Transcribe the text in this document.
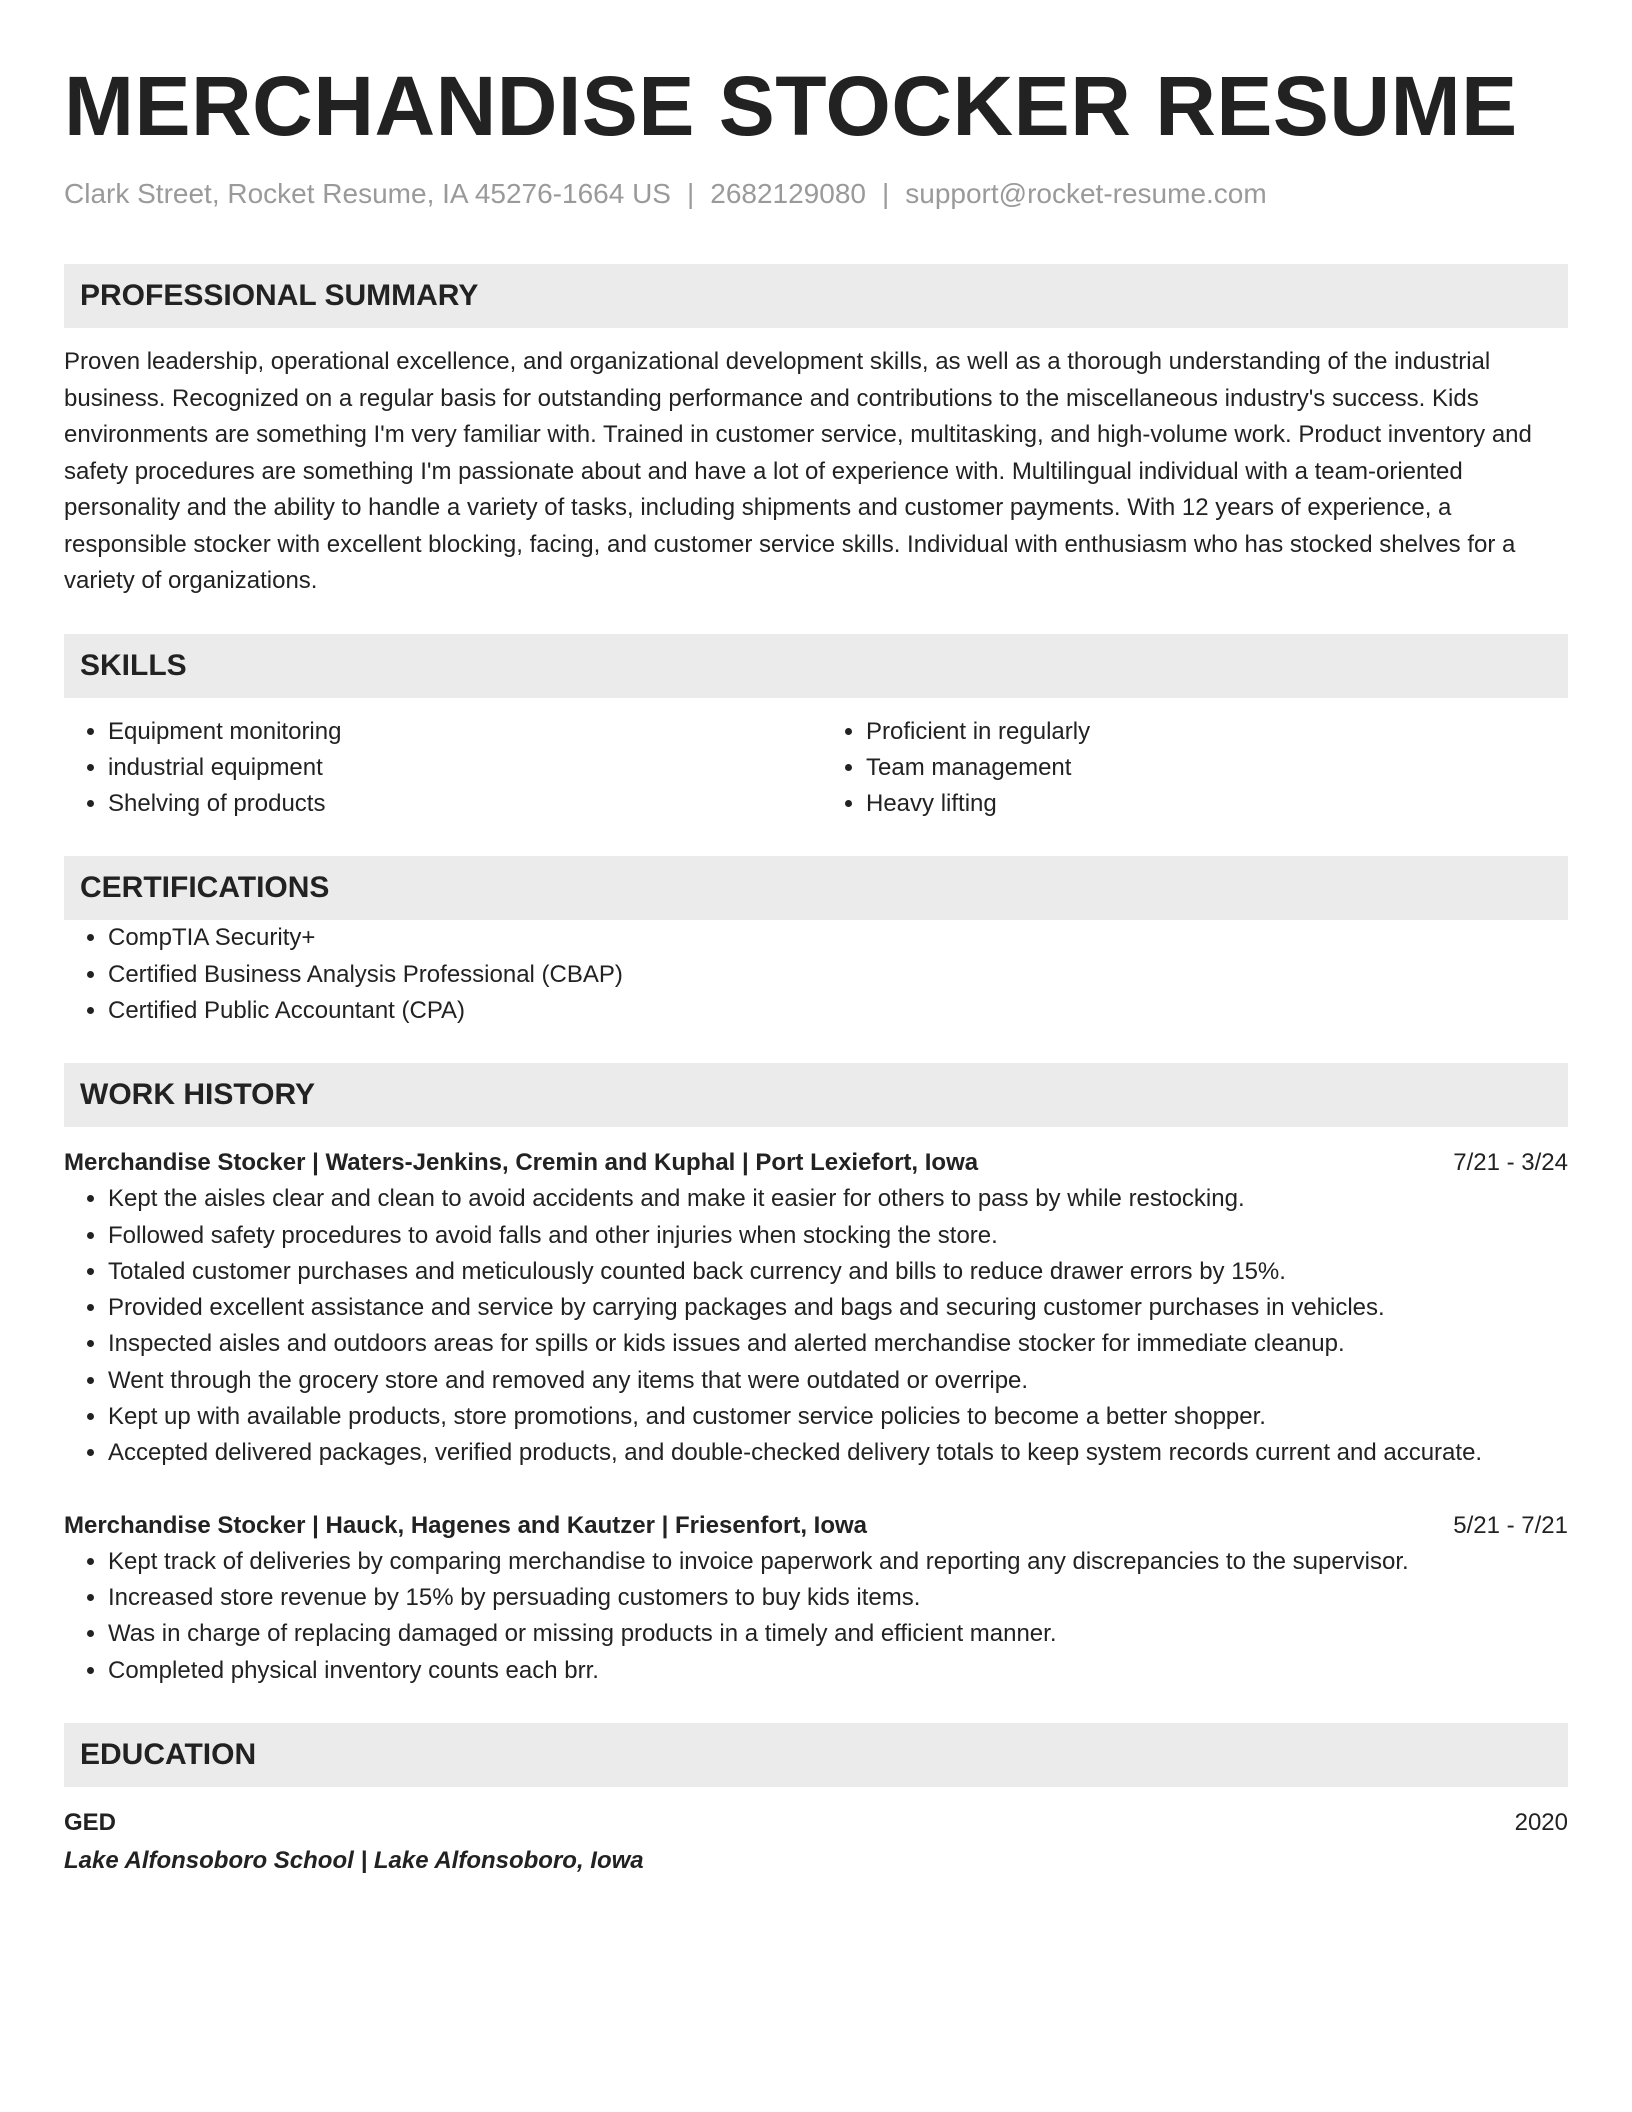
MERCHANDISE STOCKER RESUME
Clark Street, Rocket Resume, IA 45276-1664 US | 2682129080 | support@rocket-resume.com
PROFESSIONAL SUMMARY

Proven leadership, operational excellence, and organizational development skills, as well as a thorough understanding of the industrial business. Recognized on a regular basis for outstanding performance and contributions to the miscellaneous industry's success. Kids environments are something I'm very familiar with. Trained in customer service, multitasking, and high-volume work. Product inventory and safety procedures are something I'm passionate about and have a lot of experience with. Multilingual individual with a team-oriented personality and the ability to handle a variety of tasks, including shipments and customer payments. With 12 years of experience, a responsible stocker with excellent blocking, facing, and customer service skills. Individual with enthusiasm who has stocked shelves for a variety of organizations.

SKILLS
• Equipment monitoring
• industrial equipment
• Shelving of products
• Proficient in regularly
• Team management
• Heavy lifting
CERTIFICATIONS
• CompTIA Security+
• Certified Business Analysis Professional (CBAP)
• Certified Public Accountant (CPA)
WORK HISTORY
Merchandise Stocker | Waters-Jenkins, Cremin and Kuphal | Port Lexiefort, Iowa	7/21 - 3/24
• Kept the aisles clear and clean to avoid accidents and make it easier for others to pass by while restocking.
• Followed safety procedures to avoid falls and other injuries when stocking the store.
• Totaled customer purchases and meticulously counted back currency and bills to reduce drawer errors by 15%.
• Provided excellent assistance and service by carrying packages and bags and securing customer purchases in vehicles.
• Inspected aisles and outdoors areas for spills or kids issues and alerted merchandise stocker for immediate cleanup.
• Went through the grocery store and removed any items that were outdated or overripe.
• Kept up with available products, store promotions, and customer service policies to become a better shopper.
• Accepted delivered packages, verified products, and double-checked delivery totals to keep system records current and accurate.
Merchandise Stocker | Hauck, Hagenes and Kautzer | Friesenfort, Iowa	5/21 - 7/21
• Kept track of deliveries by comparing merchandise to invoice paperwork and reporting any discrepancies to the supervisor.
• Increased store revenue by 15% by persuading customers to buy kids items.
• Was in charge of replacing damaged or missing products in a timely and efficient manner.
• Completed physical inventory counts each brr.
EDUCATION
GED	2020
Lake Alfonsoboro School | Lake Alfonsoboro, Iowa
